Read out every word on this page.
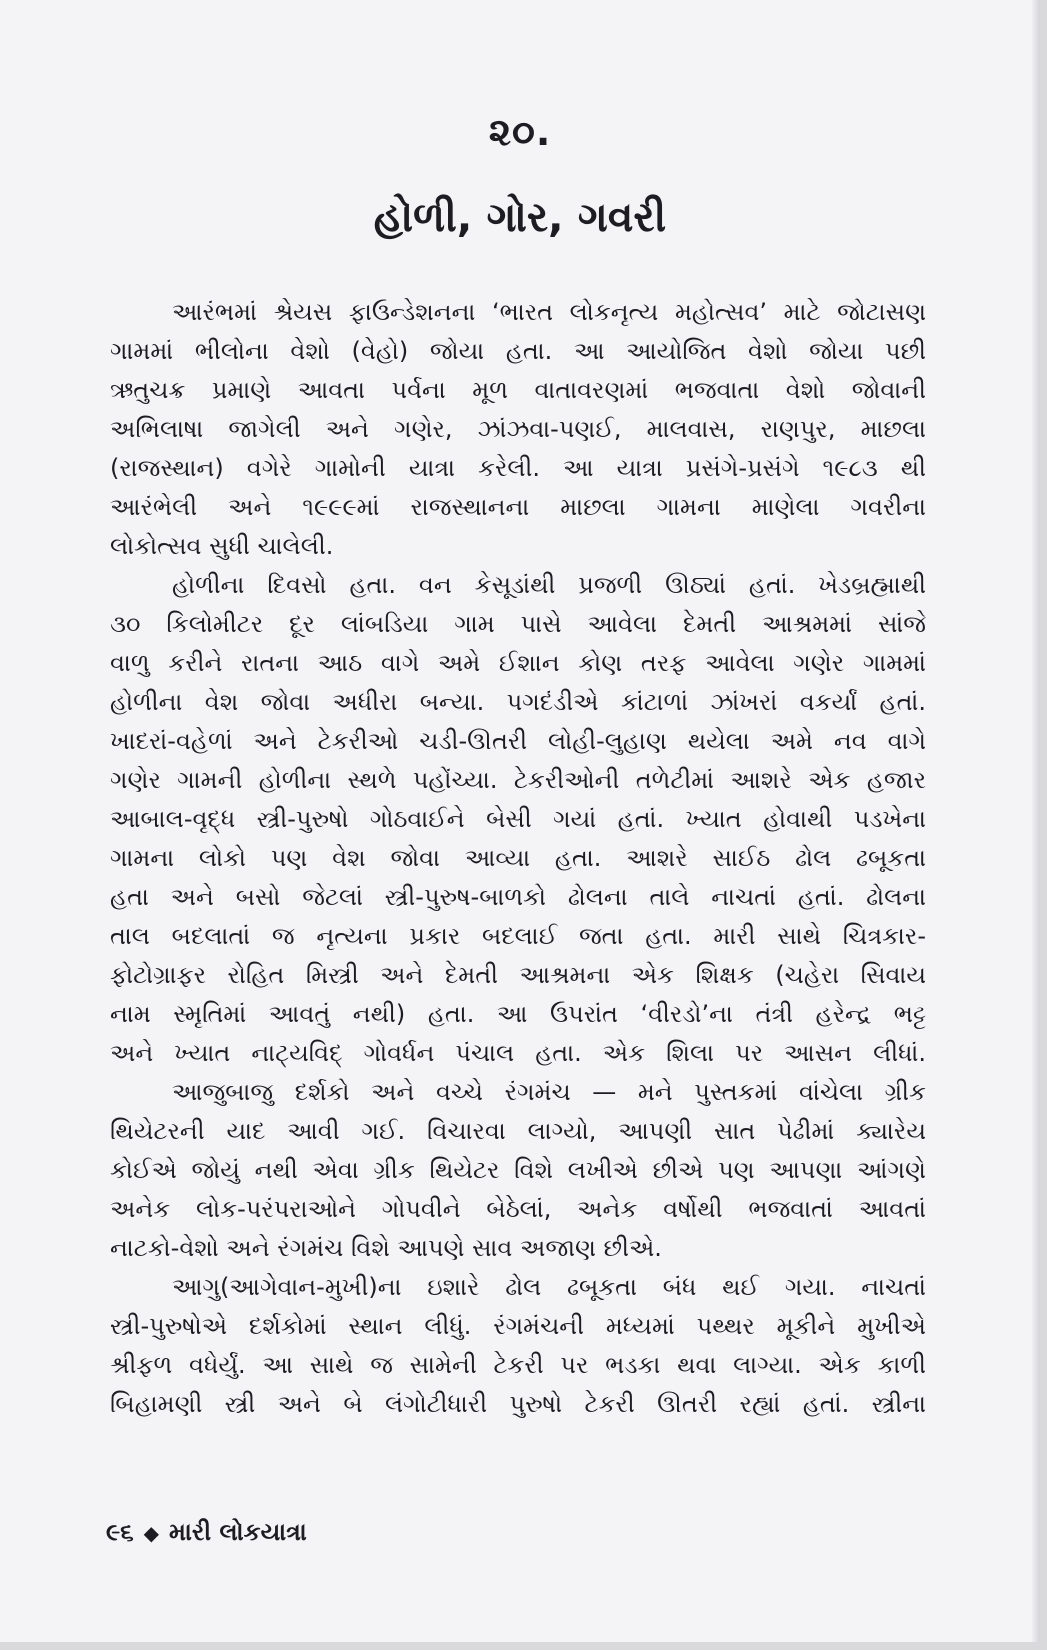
૨૦.
હોળી, ગોર, ગવરી
આરંભમાં શ્રેયસ ફાઉન્ડેશનના ‘ભારત લોકનૃત્ય મહોત્સવ’ માટે જોટાસણ
ગામમાં ભીલોના વેશો (વેહો) જોયા હતા. આ આયોજિત વેશો જોયા પછી
ઋતુચક્ર પ્રમાણે આવતા પર્વના મૂળ વાતાવરણમાં ભજવાતા વેશો જોવાની
અભિલાષા જાગેલી અને ગણેર, ઝાંઝવા-પણઈ, માલવાસ, રાણપુર, માછલા
(રાજસ્થાન) વગેરે ગામોની યાત્રા કરેલી. આ યાત્રા પ્રસંગે-પ્રસંગે ૧૯૮૩ થી
આરંભેલી અને ૧૯૯૯માં રાજસ્થાનના માછલા ગામના માણેલા ગવરીના
લોકોત્સવ સુધી ચાલેલી.
હોળીના દિવસો હતા. વન કેસૂડાંથી પ્રજળી ઊઠ્યાં હતાં. ખેડબ્રહ્માથી
૩૦ કિલોમીટર દૂર લાંબડિયા ગામ પાસે આવેલા દેમતી આશ્રમમાં સાંજે
વાળુ કરીને રાતના આઠ વાગે અમે ઈશાન કોણ તરફ આવેલા ગણેર ગામમાં
હોળીના વેશ જોવા અધીરા બન્યા. પગદંડીએ કાંટાળાં ઝાંખરાં વકર્યાં હતાં.
ખાદરાં-વહેળાં અને ટેકરીઓ ચડી-ઊતરી લોહી-લુહાણ થયેલા અમે નવ વાગે
ગણેર ગામની હોળીના સ્થળે પહોંચ્યા. ટેકરીઓની તળેટીમાં આશરે એક હજાર
આબાલ-વૃદ્ધ સ્ત્રી-પુરુષો ગોઠવાઈને બેસી ગયાં હતાં. ખ્યાત હોવાથી પડખેના
ગામના લોકો પણ વેશ જોવા આવ્યા હતા. આશરે સાઈઠ ઢોલ ઢબૂકતા
હતા અને બસો જેટલાં સ્ત્રી-પુરુષ-બાળકો ઢોલના તાલે નાચતાં હતાં. ઢોલના
તાલ બદલાતાં જ નૃત્યના પ્રકાર બદલાઈ જતા હતા. મારી સાથે ચિત્રકાર-
ફોટોગ્રાફર રોહિત મિસ્ત્રી અને દેમતી આશ્રમના એક શિક્ષક (ચહેરા સિવાય
નામ સ્મૃતિમાં આવતું નથી) હતા. આ ઉપરાંત ‘વીરડો’ના તંત્રી હરેન્દ્ર ભટ્ટ
અને ખ્યાત નાટ્યવિદ્ ગોવર્ધન પંચાલ હતા. એક શિલા પર આસન લીધાં.
આજુબાજુ દર્શકો અને વચ્ચે રંગમંચ — મને પુસ્તકમાં વાંચેલા ગ્રીક
થિયેટરની યાદ આવી ગઈ. વિચારવા લાગ્યો, આપણી સાત પેઢીમાં ક્યારેય
કોઈએ જોયું નથી એવા ગ્રીક થિયેટર વિશે લખીએ છીએ પણ આપણા આંગણે
અનેક લોક-પરંપરાઓને ગોપવીને બેઠેલાં, અનેક વર્ષોથી ભજવાતાં આવતાં
નાટકો-વેશો અને રંગમંચ વિશે આપણે સાવ અજાણ છીએ.
આગુ(આગેવાન-મુખી)ના ઇશારે ઢોલ ઢબૂકતા બંધ થઈ ગયા. નાચતાં
સ્ત્રી-પુરુષોએ દર્શકોમાં સ્થાન લીધું. રંગમંચની મધ્યમાં પથ્થર મૂકીને મુખીએ
શ્રીફળ વધેર્યું. આ સાથે જ સામેની ટેકરી પર ભડકા થવા લાગ્યા. એક કાળી
બિહામણી સ્ત્રી અને બે લંગોટીધારી પુરુષો ટેકરી ઊતરી રહ્યાં હતાં. સ્ત્રીના
૯૬ ◆ મારી લોકયાત્રા
